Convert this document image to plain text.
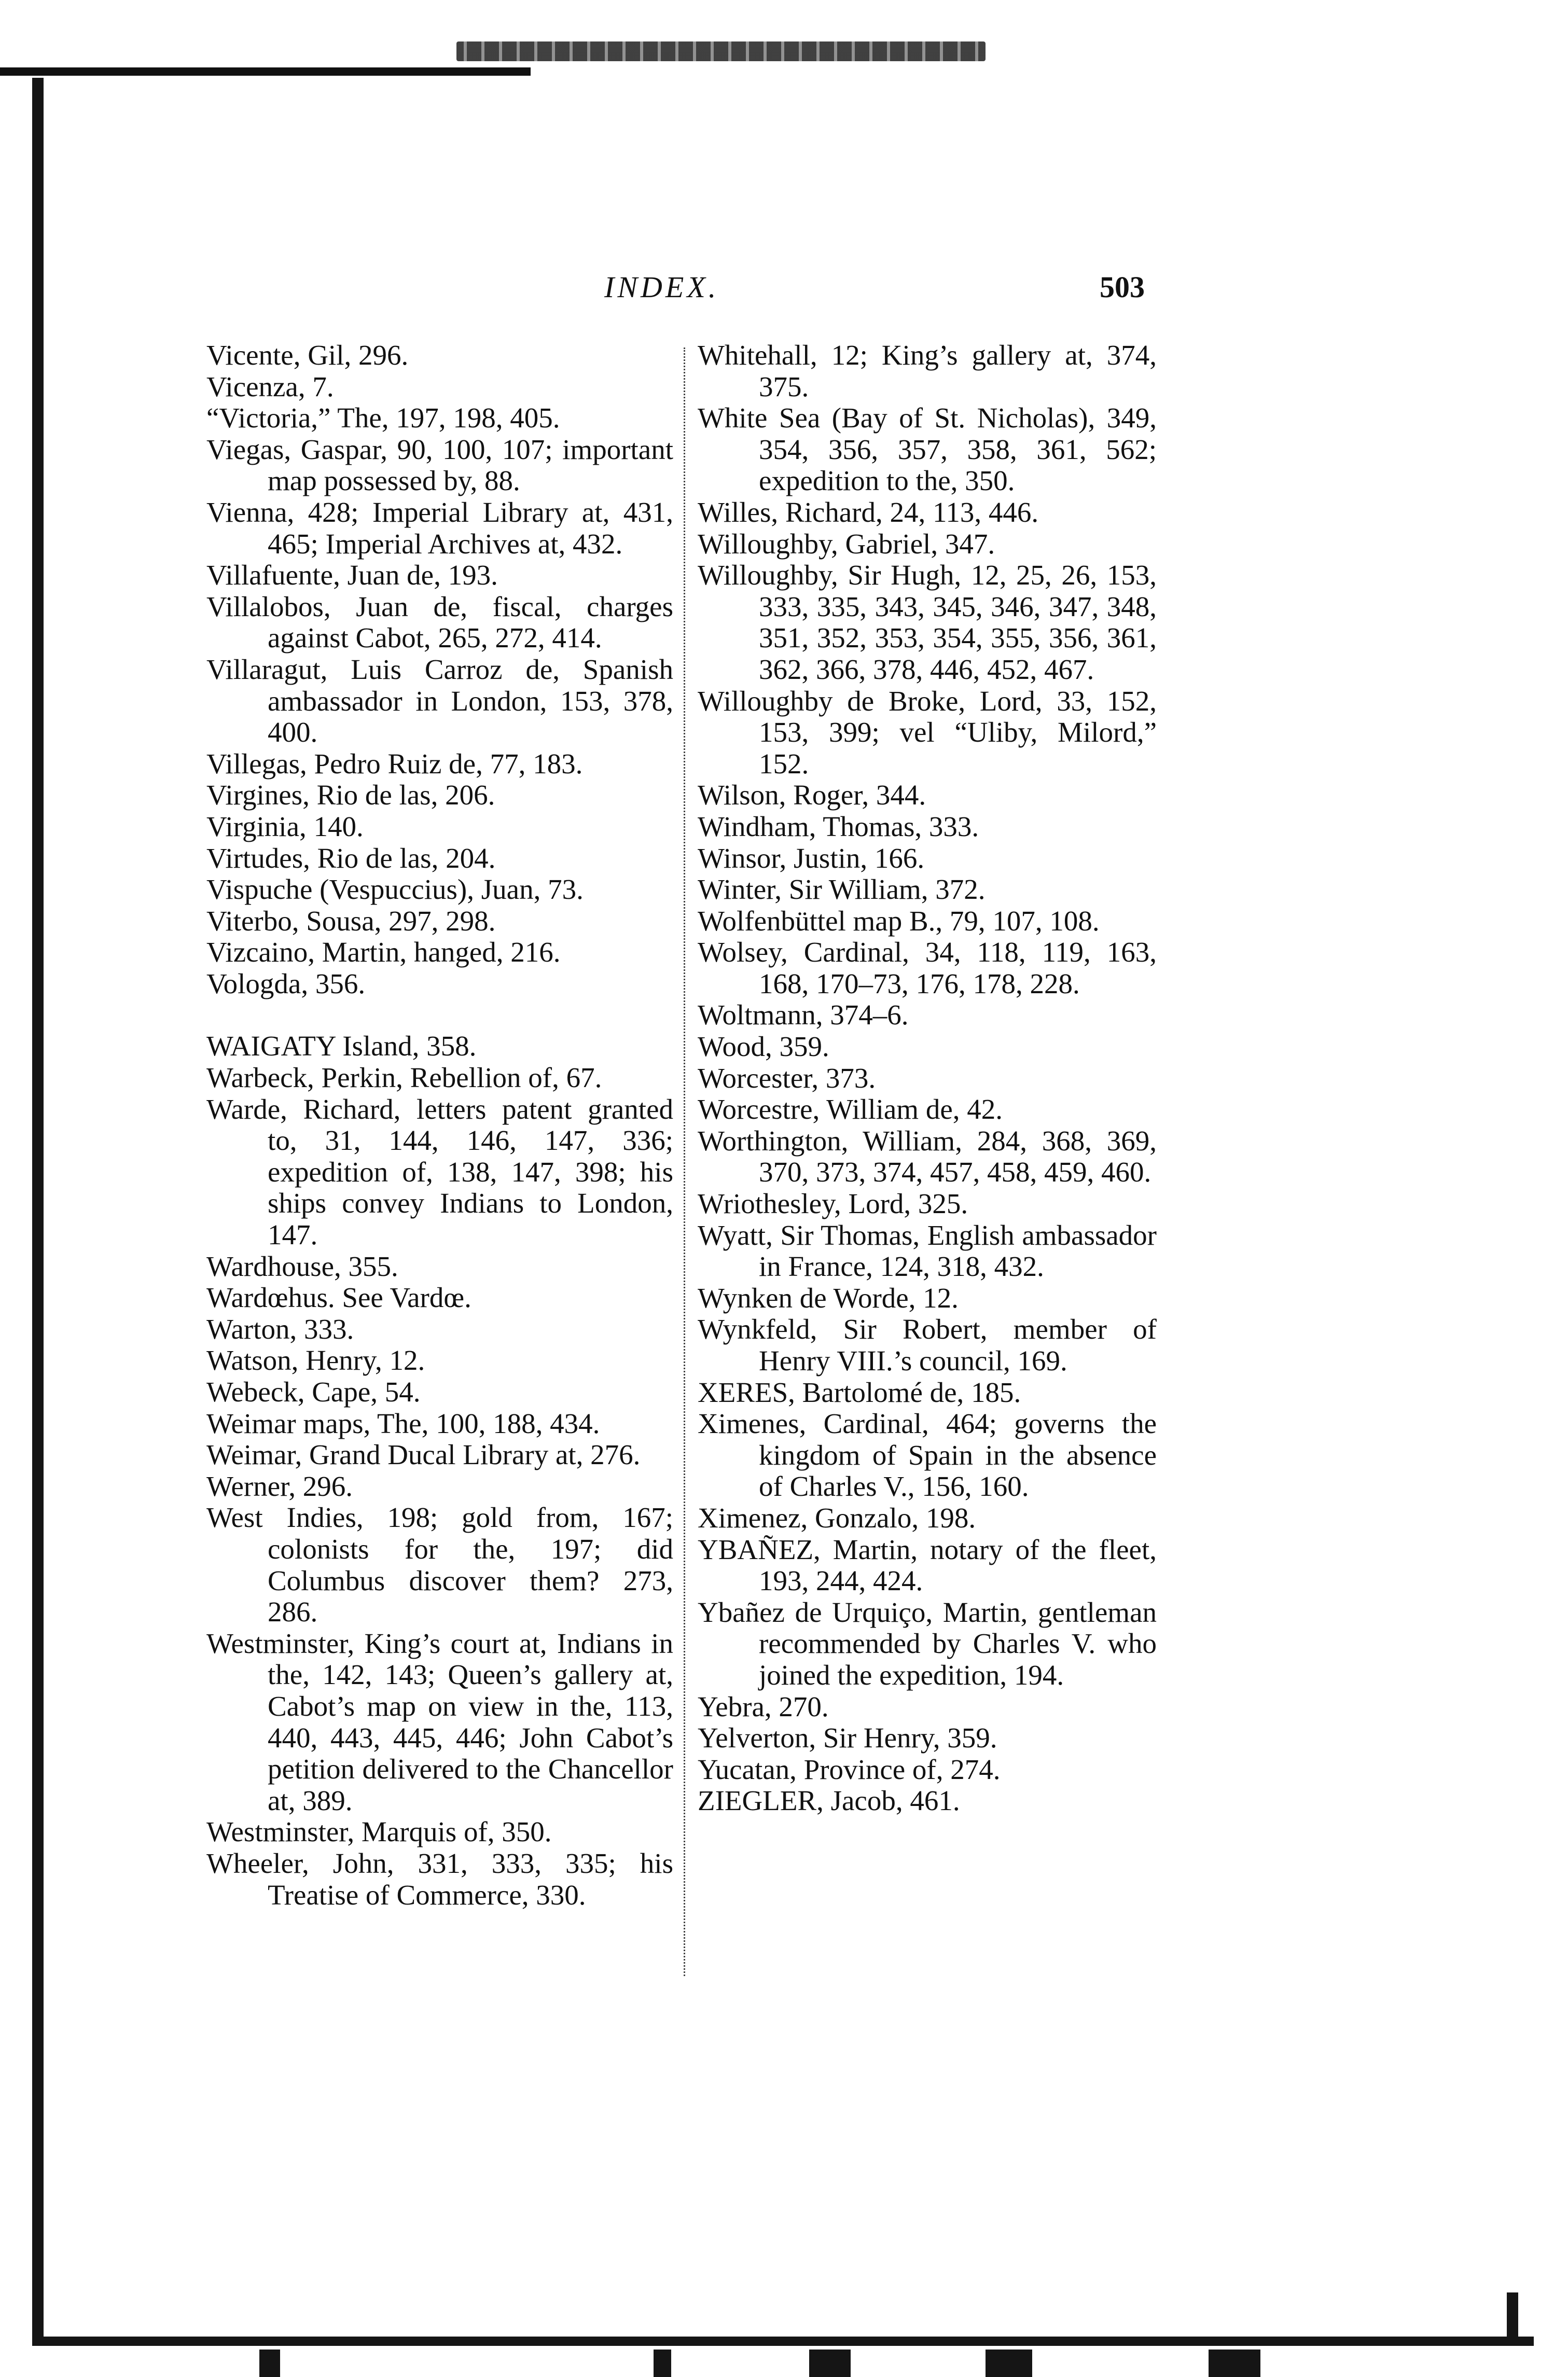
INDEX.	503
Vicente, Gil, 296.
Vicenza, 7.
“Victoria,” The, 197, 198, 405.
Viegas, Gaspar, 90, 100, 107; important map possessed by, 88.
Vienna, 428; Imperial Library at, 431, 465; Imperial Archives at, 432.
Villafuente, Juan de, 193.
Villalobos, Juan de, fiscal, charges against Cabot, 265, 272, 414.
Villaragut, Luis Carroz de, Spanish ambassador in London, 153, 378, 400.
Villegas, Pedro Ruiz de, 77, 183.
Virgines, Rio de las, 206.
Virginia, 140.
Virtudes, Rio de las, 204.
Vispuche (Vespuccius), Juan, 73.
Viterbo, Sousa, 297, 298.
Vizcaino, Martin, hanged, 216.
Vologda, 356.
WAIGATY Island, 358.
Warbeck, Perkin, Rebellion of, 67.
Warde, Richard, letters patent granted to, 31, 144, 146, 147, 336; expedition of, 138, 147, 398; his ships convey Indians to London, 147.
Wardhouse, 355.
Wardœhus. See Vardœ.
Warton, 333.
Watson, Henry, 12.
Webeck, Cape, 54.
Weimar maps, The, 100, 188, 434.
Weimar, Grand Ducal Library at, 276.
Werner, 296.
West Indies, 198; gold from, 167; colonists for the, 197; did Columbus discover them? 273, 286.
Westminster, King’s court at, Indians in the, 142, 143; Queen’s gallery at, Cabot’s map on view in the, 113, 440, 443, 445, 446; John Cabot’s petition delivered to the Chancellor at, 389.
Westminster, Marquis of, 350.
Wheeler, John, 331, 333, 335; his Treatise of Commerce, 330.
Whitehall, 12; King’s gallery at, 374, 375.
White Sea (Bay of St. Nicholas), 349, 354, 356, 357, 358, 361, 562; expedition to the, 350.
Willes, Richard, 24, 113, 446.
Willoughby, Gabriel, 347.
Willoughby, Sir Hugh, 12, 25, 26, 153, 333, 335, 343, 345, 346, 347, 348, 351, 352, 353, 354, 355, 356, 361, 362, 366, 378, 446, 452, 467.
Willoughby de Broke, Lord, 33, 152, 153, 399; vel “Uliby, Milord,” 152.
Wilson, Roger, 344.
Windham, Thomas, 333.
Winsor, Justin, 166.
Winter, Sir William, 372.
Wolfenbüttel map B., 79, 107, 108.
Wolsey, Cardinal, 34, 118, 119, 163, 168, 170–73, 176, 178, 228.
Woltmann, 374–6.
Wood, 359.
Worcester, 373.
Worcestre, William de, 42.
Worthington, William, 284, 368, 369, 370, 373, 374, 457, 458, 459, 460.
Wriothesley, Lord, 325.
Wyatt, Sir Thomas, English ambassador in France, 124, 318, 432.
Wynken de Worde, 12.
Wynkfeld, Sir Robert, member of Henry VIII.’s council, 169.
XERES, Bartolomé de, 185.
Ximenes, Cardinal, 464; governs the kingdom of Spain in the absence of Charles V., 156, 160.
Ximenez, Gonzalo, 198.
YBAÑEZ, Martin, notary of the fleet, 193, 244, 424.
Ybañez de Urquiço, Martin, gentleman recommended by Charles V. who joined the expedition, 194.
Yebra, 270.
Yelverton, Sir Henry, 359.
Yucatan, Province of, 274.
ZIEGLER, Jacob, 461.
